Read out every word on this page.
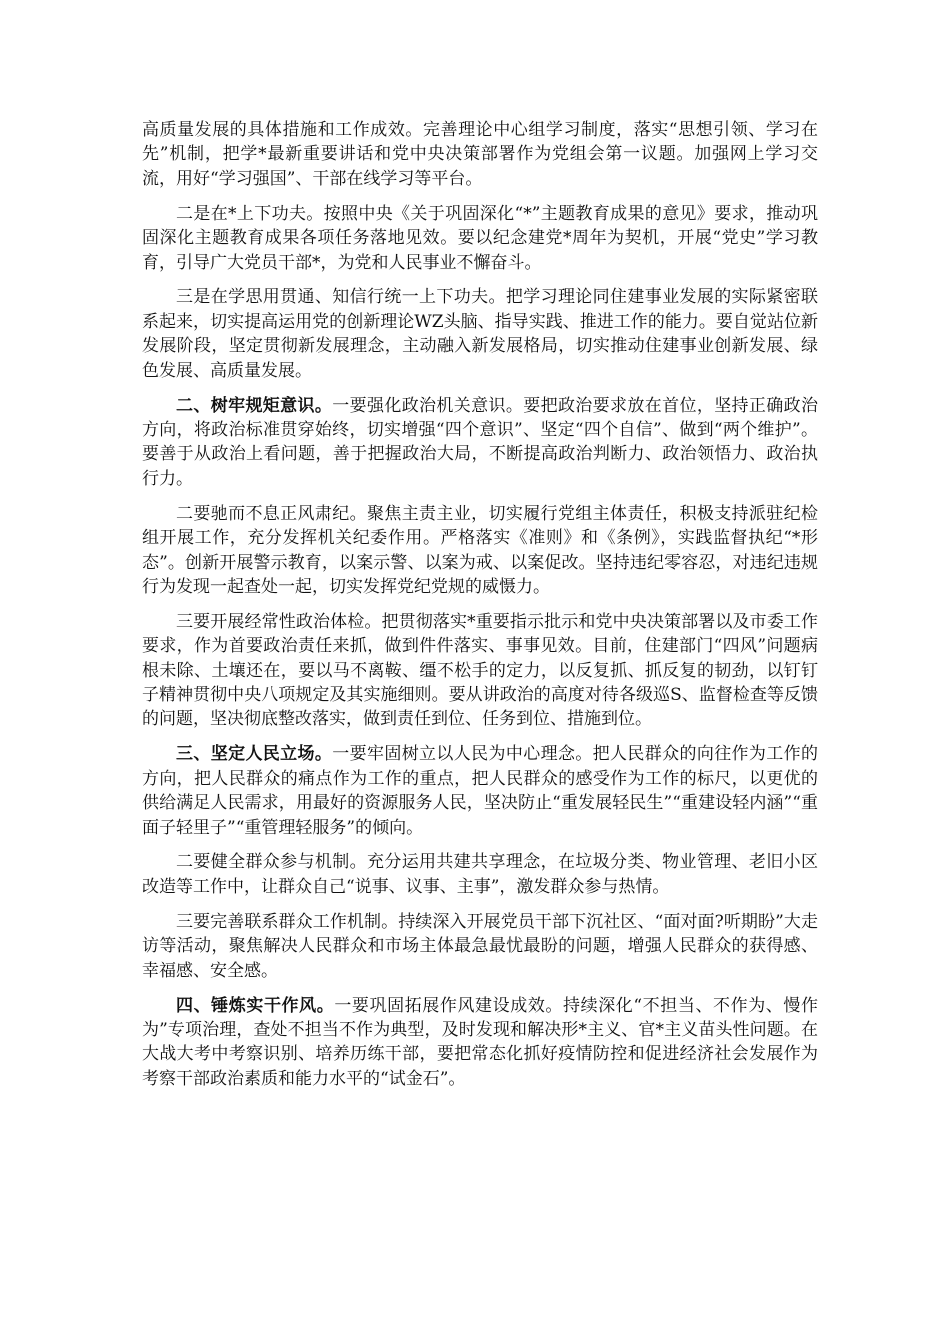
高质量发展的具体措施和工作成效。完善理论中心组学习制度，落实“思想引领、学习在先”机制，把学*最新重要讲话和党中央决策部署作为党组会第一议题。加强网上学习交流，用好“学习强国”、干部在线学习等平台。

二是在*上下功夫。按照中央《关于巩固深化“*”主题教育成果的意见》要求，推动巩固深化主题教育成果各项任务落地见效。要以纪念建党*周年为契机，开展“党史”学习教育，引导广大党员干部*，为党和人民事业不懈奋斗。

三是在学思用贯通、知信行统一上下功夫。把学习理论同住建事业发展的实际紧密联系起来，切实提高运用党的创新理论WZ头脑、指导实践、推进工作的能力。要自觉站位新发展阶段，坚定贯彻新发展理念，主动融入新发展格局，切实推动住建事业创新发展、绿色发展、高质量发展。

二、树牢规矩意识。一要强化政治机关意识。要把政治要求放在首位，坚持正确政治方向，将政治标准贯穿始终，切实增强“四个意识”、坚定“四个自信”、做到“两个维护”。要善于从政治上看问题，善于把握政治大局，不断提高政治判断力、政治领悟力、政治执行力。

二要驰而不息正风肃纪。聚焦主责主业，切实履行党组主体责任，积极支持派驻纪检组开展工作，充分发挥机关纪委作用。严格落实《准则》和《条例》，实践监督执纪“*形态”。创新开展警示教育，以案示警、以案为戒、以案促改。坚持违纪零容忍，对违纪违规行为发现一起查处一起，切实发挥党纪党规的威慑力。

三要开展经常性政治体检。把贯彻落实*重要指示批示和党中央决策部署以及市委工作要求，作为首要政治责任来抓，做到件件落实、事事见效。目前，住建部门“四风”问题病根未除、土壤还在，要以马不离鞍、缰不松手的定力，以反复抓、抓反复的韧劲，以钉钉子精神贯彻中央八项规定及其实施细则。要从讲政治的高度对待各级巡S、监督检查等反馈的问题，坚决彻底整改落实，做到责任到位、任务到位、措施到位。

三、坚定人民立场。一要牢固树立以人民为中心理念。把人民群众的向往作为工作的方向，把人民群众的痛点作为工作的重点，把人民群众的感受作为工作的标尺，以更优的供给满足人民需求，用最好的资源服务人民，坚决防止“重发展轻民生”“重建设轻内涵”“重面子轻里子”“重管理轻服务”的倾向。

二要健全群众参与机制。充分运用共建共享理念，在垃圾分类、物业管理、老旧小区改造等工作中，让群众自己“说事、议事、主事”，激发群众参与热情。

三要完善联系群众工作机制。持续深入开展党员干部下沉社区、“面对面?听期盼”大走访等活动，聚焦解决人民群众和市场主体最急最忧最盼的问题，增强人民群众的获得感、幸福感、安全感。

四、锤炼实干作风。一要巩固拓展作风建设成效。持续深化“不担当、不作为、慢作为”专项治理，查处不担当不作为典型，及时发现和解决形*主义、官*主义苗头性问题。在大战大考中考察识别、培养历练干部，要把常态化抓好疫情防控和促进经济社会发展作为考察干部政治素质和能力水平的“试金石”。
